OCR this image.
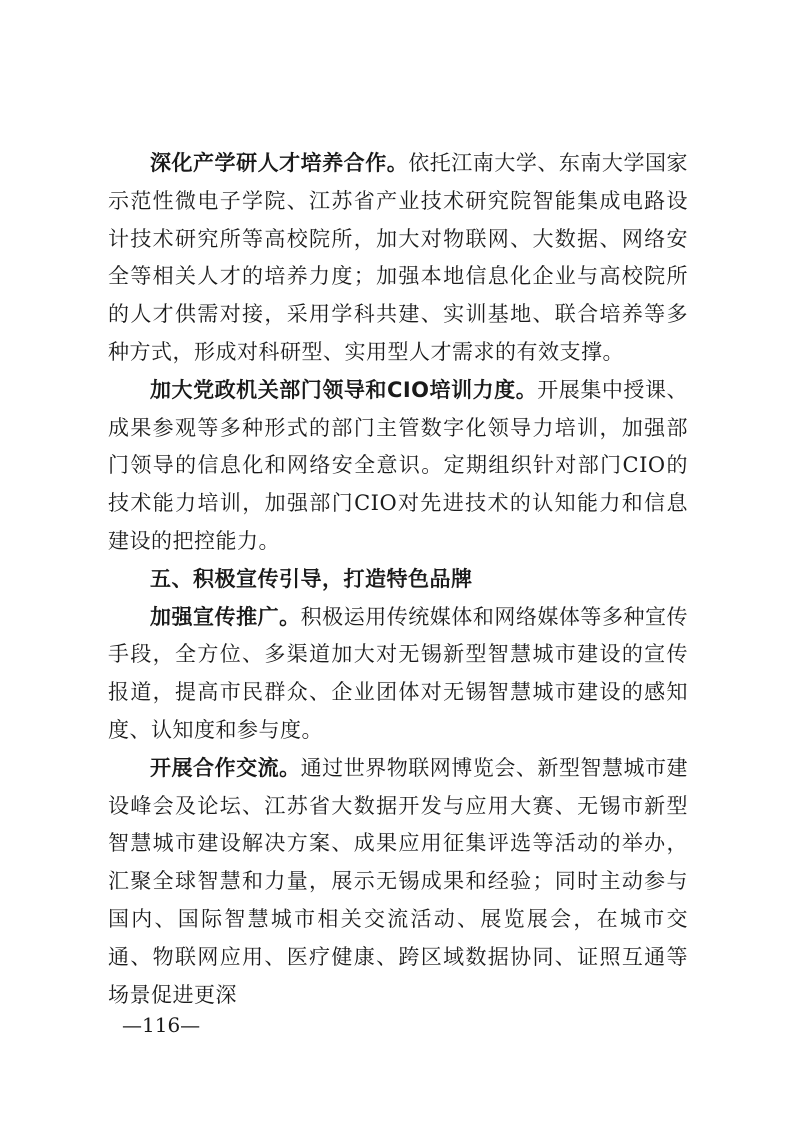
深化产学研人才培养合作。依托江南大学、东南大学国家示范性微电子学院、江苏省产业技术研究院智能集成电路设计技术研究所等高校院所，加大对物联网、大数据、网络安全等相关人才的培养力度；加强本地信息化企业与高校院所的人才供需对接，采用学科共建、实训基地、联合培养等多种方式，形成对科研型、实用型人才需求的有效支撑。

加大党政机关部门领导和CIO培训力度。开展集中授课、成果参观等多种形式的部门主管数字化领导力培训，加强部门领导的信息化和网络安全意识。定期组织针对部门CIO的技术能力培训，加强部门CIO对先进技术的认知能力和信息建设的把控能力。

五、积极宣传引导，打造特色品牌

加强宣传推广。积极运用传统媒体和网络媒体等多种宣传手段，全方位、多渠道加大对无锡新型智慧城市建设的宣传报道，提高市民群众、企业团体对无锡智慧城市建设的感知度、认知度和参与度。

开展合作交流。通过世界物联网博览会、新型智慧城市建设峰会及论坛、江苏省大数据开发与应用大赛、无锡市新型智慧城市建设解决方案、成果应用征集评选等活动的举办，汇聚全球智慧和力量，展示无锡成果和经验；同时主动参与国内、国际智慧城市相关交流活动、展览展会，在城市交通、物联网应用、医疗健康、跨区域数据协同、证照互通等场景促进更深

—116—
